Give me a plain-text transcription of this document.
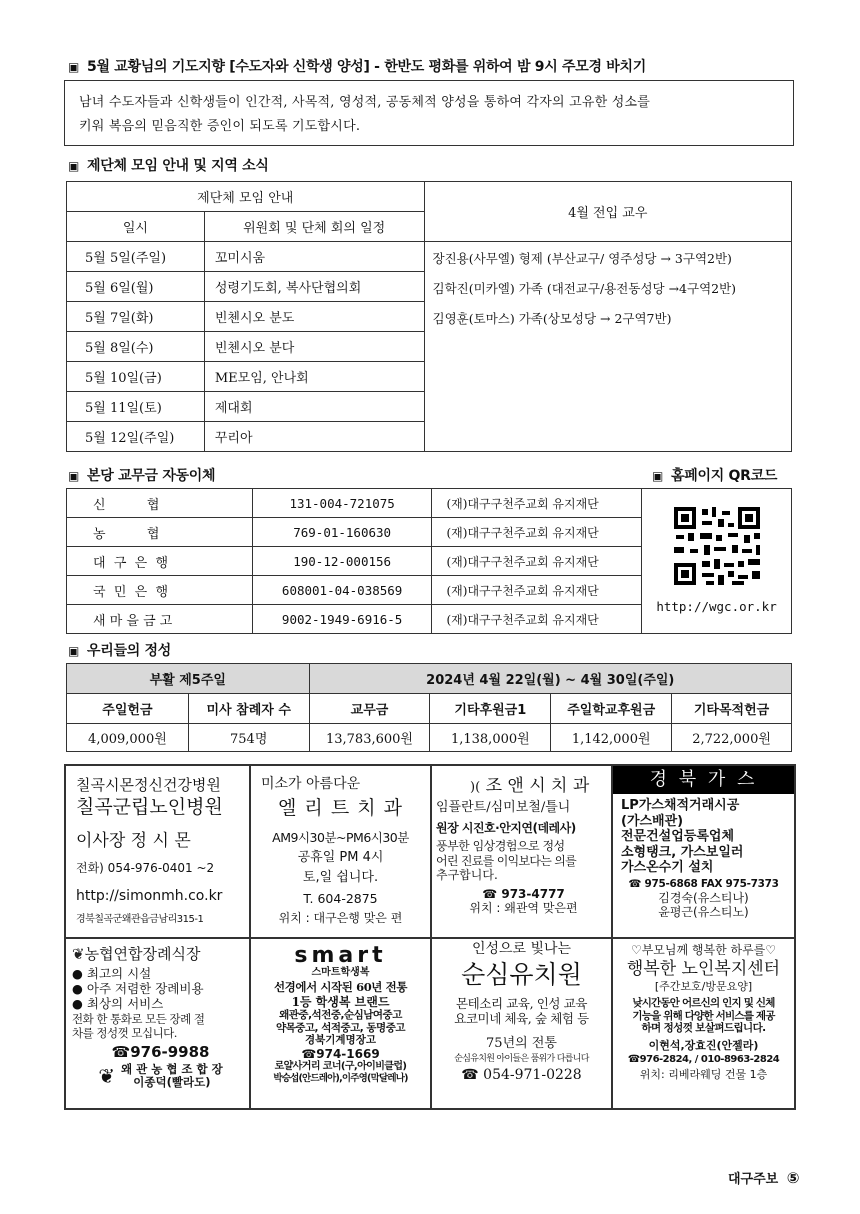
▣ 5월 교황님의 기도지향 [수도자와 신학생 양성] - 한반도 평화를 위하여 밤 9시 주모경 바치기
남녀 수도자들과 신학생들이 인간적, 사목적, 영성적, 공동체적 양성을 통하여 각자의 고유한 성소를
키워 복음의 믿음직한 증인이 되도록 기도합시다.
▣ 제단체 모임 안내 및 지역 소식
제단체 모임 안내		4월 전입 교우
일시	위원회 및 단체 회의 일정	
5월 5일(주일)	꼬미시움	장진용(사무엘) 형제 (부산교구/ 영주성당 → 3구역2반)
김학진(미카엘) 가족 (대전교구/용전동성당 →4구역2반)
김영훈(토마스) 가족(상모성당 → 2구역7반)

5월 6일(월)	성령기도회, 복사단협의회	
5월 7일(화)	빈첸시오 분도	
5월 8일(수)	빈첸시오 분다	
5월 10일(금)	ME모임, 안나회	
5월 11일(토)	제대회	
5월 12일(주일)	꾸리아	
▣ 본당 교무금 자동이체	▣ 홈페이지 QR코드
신          협	131-004-721075	(재)대구구천주교회 유지재단	http://wgc.or.kr

농          협	769-01-160630	(재)대구구천주교회 유지재단	
대  구  은  행	190-12-000156	(재)대구구천주교회 유지재단	
국  민  은  행	608001-04-038569	(재)대구구천주교회 유지재단	
새 마 을 금 고	9002-1949-6916-5	(재)대구구천주교회 유지재단	
▣ 우리들의 정성
부활 제5주일		2024년 4월 22일(월) ~ 4월 30일(주일)			
주일헌금	미사 참례자 수	교무금	기타후원금1	주일학교후원금	기타목적헌금
4,009,000원	754명	13,783,600원	1,138,000원	1,142,000원	2,722,000원
칠곡시몬정신건강병원
칠곡군립노인병원
이사장 정 시 몬
전화) 054-976-0401 ~2
http://simonmh.co.kr
경북칠곡군왜관읍금남리315-1
미소가 아름다운
엘 리 트 치 과
AM9시30분~PM6시30분
공휴일 PM 4시
토,일 쉽니다.
T. 604-2875
위치 : 대구은행 맞은 편
)( 조 앤 시 치 과
임플란트/심미보철/틀니
원장 시진호·안지연(데레사)
풍부한 임상경험으로 정성
어린 진료를 이익보다는 의를
추구합니다.
☎ 973-4777
위치 : 왜관역 맞은편
경 북 가 스
LP가스채적거래시공
(가스배관)
전문건설업등록업체
소형탱크, 가스보일러
가스온수기 설치
☎ 975-6868 FAX 975-7373
김경숙(유스티나)
윤평근(유스티노)
❦농협연합장례식장
● 최고의 시설
● 아주 저렴한 장례비용
● 최상의 서비스
전화 한 통화로 모든 장례 절
차를 정성껏 모십니다.
☎976-9988
❦ 왜 관 농 협 조 합 장
이종덕(빨라도)
smart
스마트학생복
선경에서 시작된 60년 전통
1등 학생복 브랜드
왜관중,석전중,순심남여중고
약목중고, 석적중고, 동명중고
경북기계명장고
☎974-1669
로얄사거리 코너(구,아이비클럽)
박승섭(안드레아),이주영(막달레나)
인성으로 빛나는
순심유치원
몬테소리 교육, 인성 교육
요코미네 체육, 숲 체험 등
75년의 전통
순심유치원 아이들은 품위가 다릅니다
☎ 054-971-0228
♡부모님께 행복한 하루를♡
행복한 노인복지센터
[주간보호/방문요양]
낮시간동안 어르신의 인지 및 신체
기능을 위해 다양한 서비스를 제공
하며 정성껏 보살펴드립니다.
이현석,장효진(안젤라)
☎976-2824, / 010-8963-2824
위치: 리베라웨딩 건물 1층
대구주보 ⑤
